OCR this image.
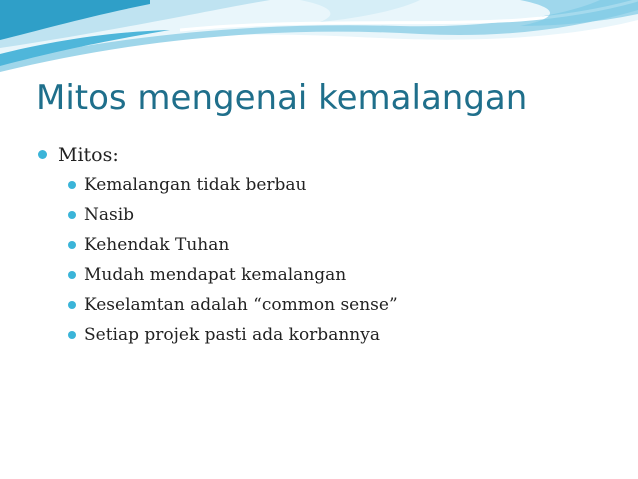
Mitos mengenai kemalangan
Mitos:
Kemalangan tidak berbau
Nasib
Kehendak Tuhan
Mudah mendapat kemalangan
Keselamtan adalah “common sense”
Setiap projek pasti ada korbannya
